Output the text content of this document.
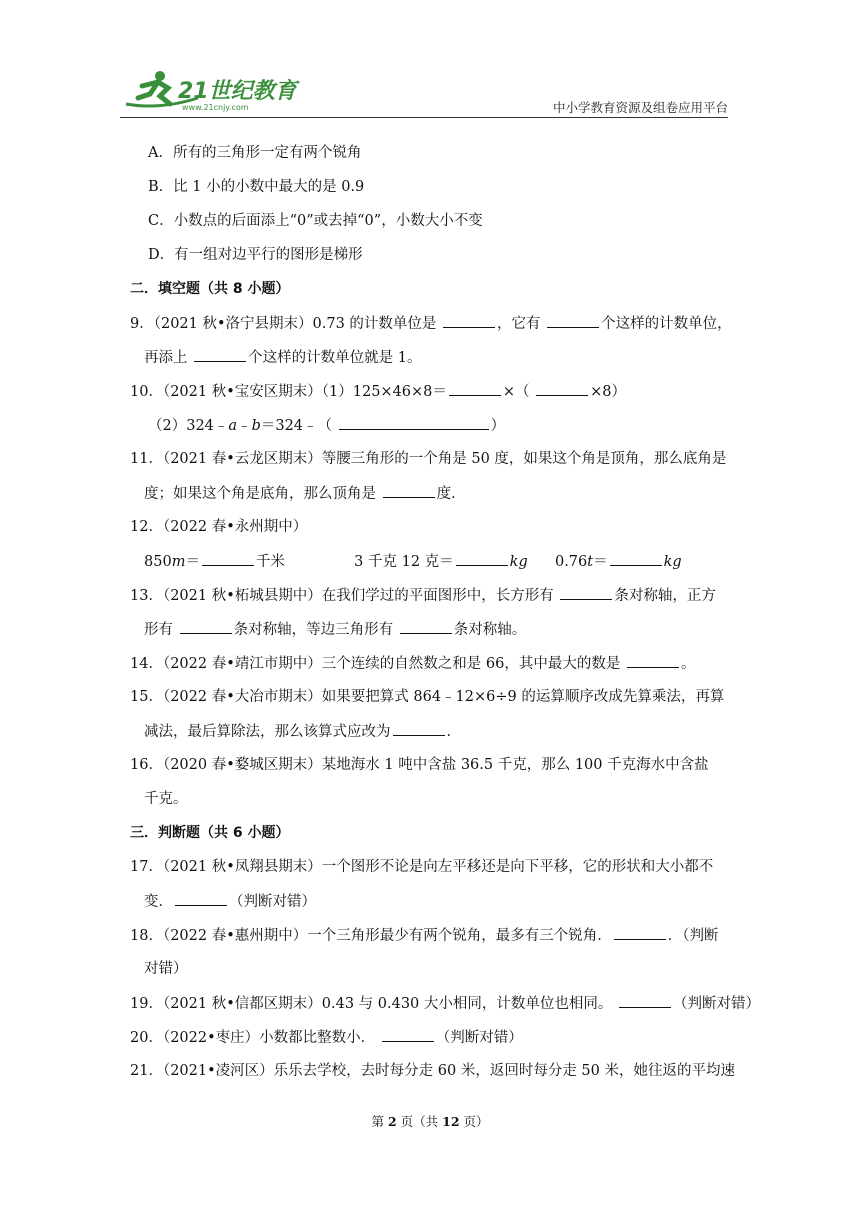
21世纪教育
www.21cnjy.com	中小学教育资源及组卷应用平台
A．所有的三角形一定有两个锐角
B．比 1 小的小数中最大的是 0.9
C．小数点的后面添上“0”或去掉“0”，小数大小不变
D．有一组对边平行的图形是梯形
二．填空题（共 8 小题）
9．（2021 秋•洛宁县期末）0.73 的计数单位是	，它有	个这样的计数单位，
再添上	个这样的计数单位就是 1。
10．（2021 秋•宝安区期末）（1）125×46×8＝	×（	×8）
（2）324﹣a﹣b＝324﹣（	）
11．（2021 春•云龙区期末）等腰三角形的一个角是 50 度，如果这个角是顶角，那么底角是
度；如果这个角是底角，那么顶角是	度．
12．（2022 春•永州期中）
850m＝	千米	3 千克 12 克＝	kg 0.76t＝	kg
13．（2021 秋•柘城县期中）在我们学过的平面图形中，长方形有	条对称轴，正方
形有	条对称轴，等边三角形有	条对称轴。
14．（2022 春•靖江市期中）三个连续的自然数之和是 66，其中最大的数是	。
15．（2022 春•大冶市期末）如果要把算式 864﹣12×6÷9 的运算顺序改成先算乘法，再算
减法，最后算除法，那么该算式应改为	．
16．（2020 春•婺城区期末）某地海水 1 吨中含盐 36.5 千克，那么 100 千克海水中含盐
千克。
三．判断题（共 6 小题）
17．（2021 秋•凤翔县期末）一个图形不论是向左平移还是向下平移，它的形状和大小都不
变．	（判断对错）
18．（2022 春•惠州期中）一个三角形最少有两个锐角，最多有三个锐角．	．（判断
对错）
19．（2021 秋•信都区期末）0.43 与 0.430 大小相同，计数单位也相同。	（判断对错）
20．（2022•枣庄）小数都比整数小．	（判断对错）
21．（2021•凌河区）乐乐去学校，去时每分走 60 米，返回时每分走 50 米，她往返的平均速
第 2 页（共 12 页）
